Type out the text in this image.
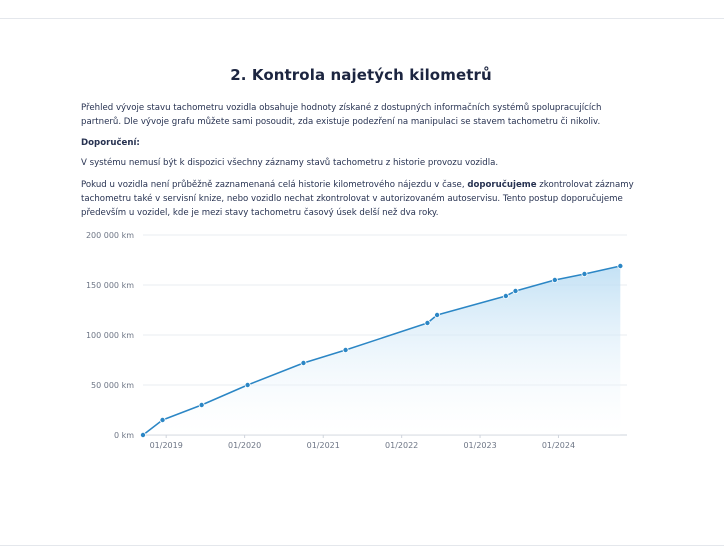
2. Kontrola najetých kilometrů

Přehled vývoje stavu tachometru vozidla obsahuje hodnoty získané z dostupných informačních systémů spolupracujících partnerů. Dle vývoje grafu můžete sami posoudit, zda existuje podezření na manipulaci se stavem tachometru či nikoliv.

Doporučení:

V systému nemusí být k dispozici všechny záznamy stavů tachometru z historie provozu vozidla.

Pokud u vozidla není průběžně zaznamenaná celá historie kilometrového nájezdu v čase, doporučujeme zkontrolovat záznamy tachometru také v servisní knize, nebo vozidlo nechat zkontrolovat v autorizovaném autoservisu. Tento postup doporučujeme především u vozidel, kde je mezi stavy tachometru časový úsek delší než dva roky.

0 km
50 000 km
100 000 km
150 000 km
200 000 km
01/2019	01/2020	01/2021	01/2022	01/2023	01/2024
